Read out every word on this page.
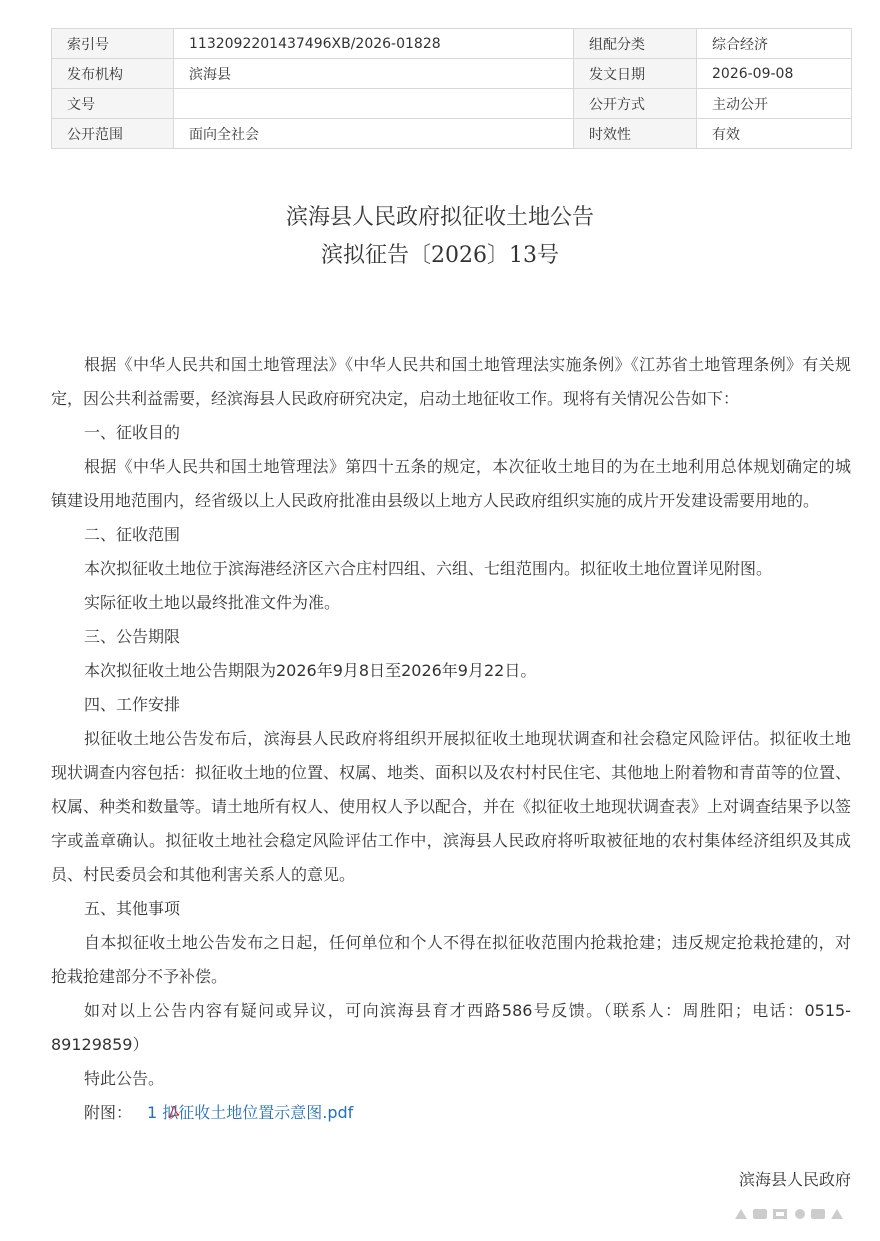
索引号	1132092201437496XB/2026-01828	组配分类	综合经济
发布机构	滨海县	发文日期	2026-09-08
文号		公开方式	主动公开
公开范围	面向全社会	时效性	有效
滨海县人民政府拟征收土地公告
滨拟征告〔2026〕13号

根据《中华人民共和国土地管理法》《中华人民共和国土地管理法实施条例》《江苏省土地管理条例》有关规定，因公共利益需要，经滨海县人民政府研究决定，启动土地征收工作。现将有关情况公告如下：

一、征收目的

根据《中华人民共和国土地管理法》第四十五条的规定，本次征收土地目的为在土地利用总体规划确定的城镇建设用地范围内，经省级以上人民政府批准由县级以上地方人民政府组织实施的成片开发建设需要用地的。

二、征收范围

本次拟征收土地位于滨海港经济区六合庄村四组、六组、七组范围内。拟征收土地位置详见附图。

实际征收土地以最终批准文件为准。

三、公告期限

本次拟征收土地公告期限为2026年9月8日至2026年9月22日。

四、工作安排

拟征收土地公告发布后，滨海县人民政府将组织开展拟征收土地现状调查和社会稳定风险评估。拟征收土地现状调查内容包括：拟征收土地的位置、权属、地类、面积以及农村村民住宅、其他地上附着物和青苗等的位置、权属、种类和数量等。请土地所有权人、使用权人予以配合，并在《拟征收土地现状调查表》上对调查结果予以签字或盖章确认。拟征收土地社会稳定风险评估工作中，滨海县人民政府将听取被征地的农村集体经济组织及其成员、村民委员会和其他利害关系人的意见。

五、其他事项

自本拟征收土地公告发布之日起，任何单位和个人不得在拟征收范围内抢栽抢建；违反规定抢栽抢建的，对抢栽抢建部分不予补偿。

如对以上公告内容有疑问或异议，可向滨海县育才西路586号反馈。（联系人：周胜阳；电话：0515-89129859）

特此公告。

附图： 1 拟征收土地位置示意图.pdf

滨海县人民政府
